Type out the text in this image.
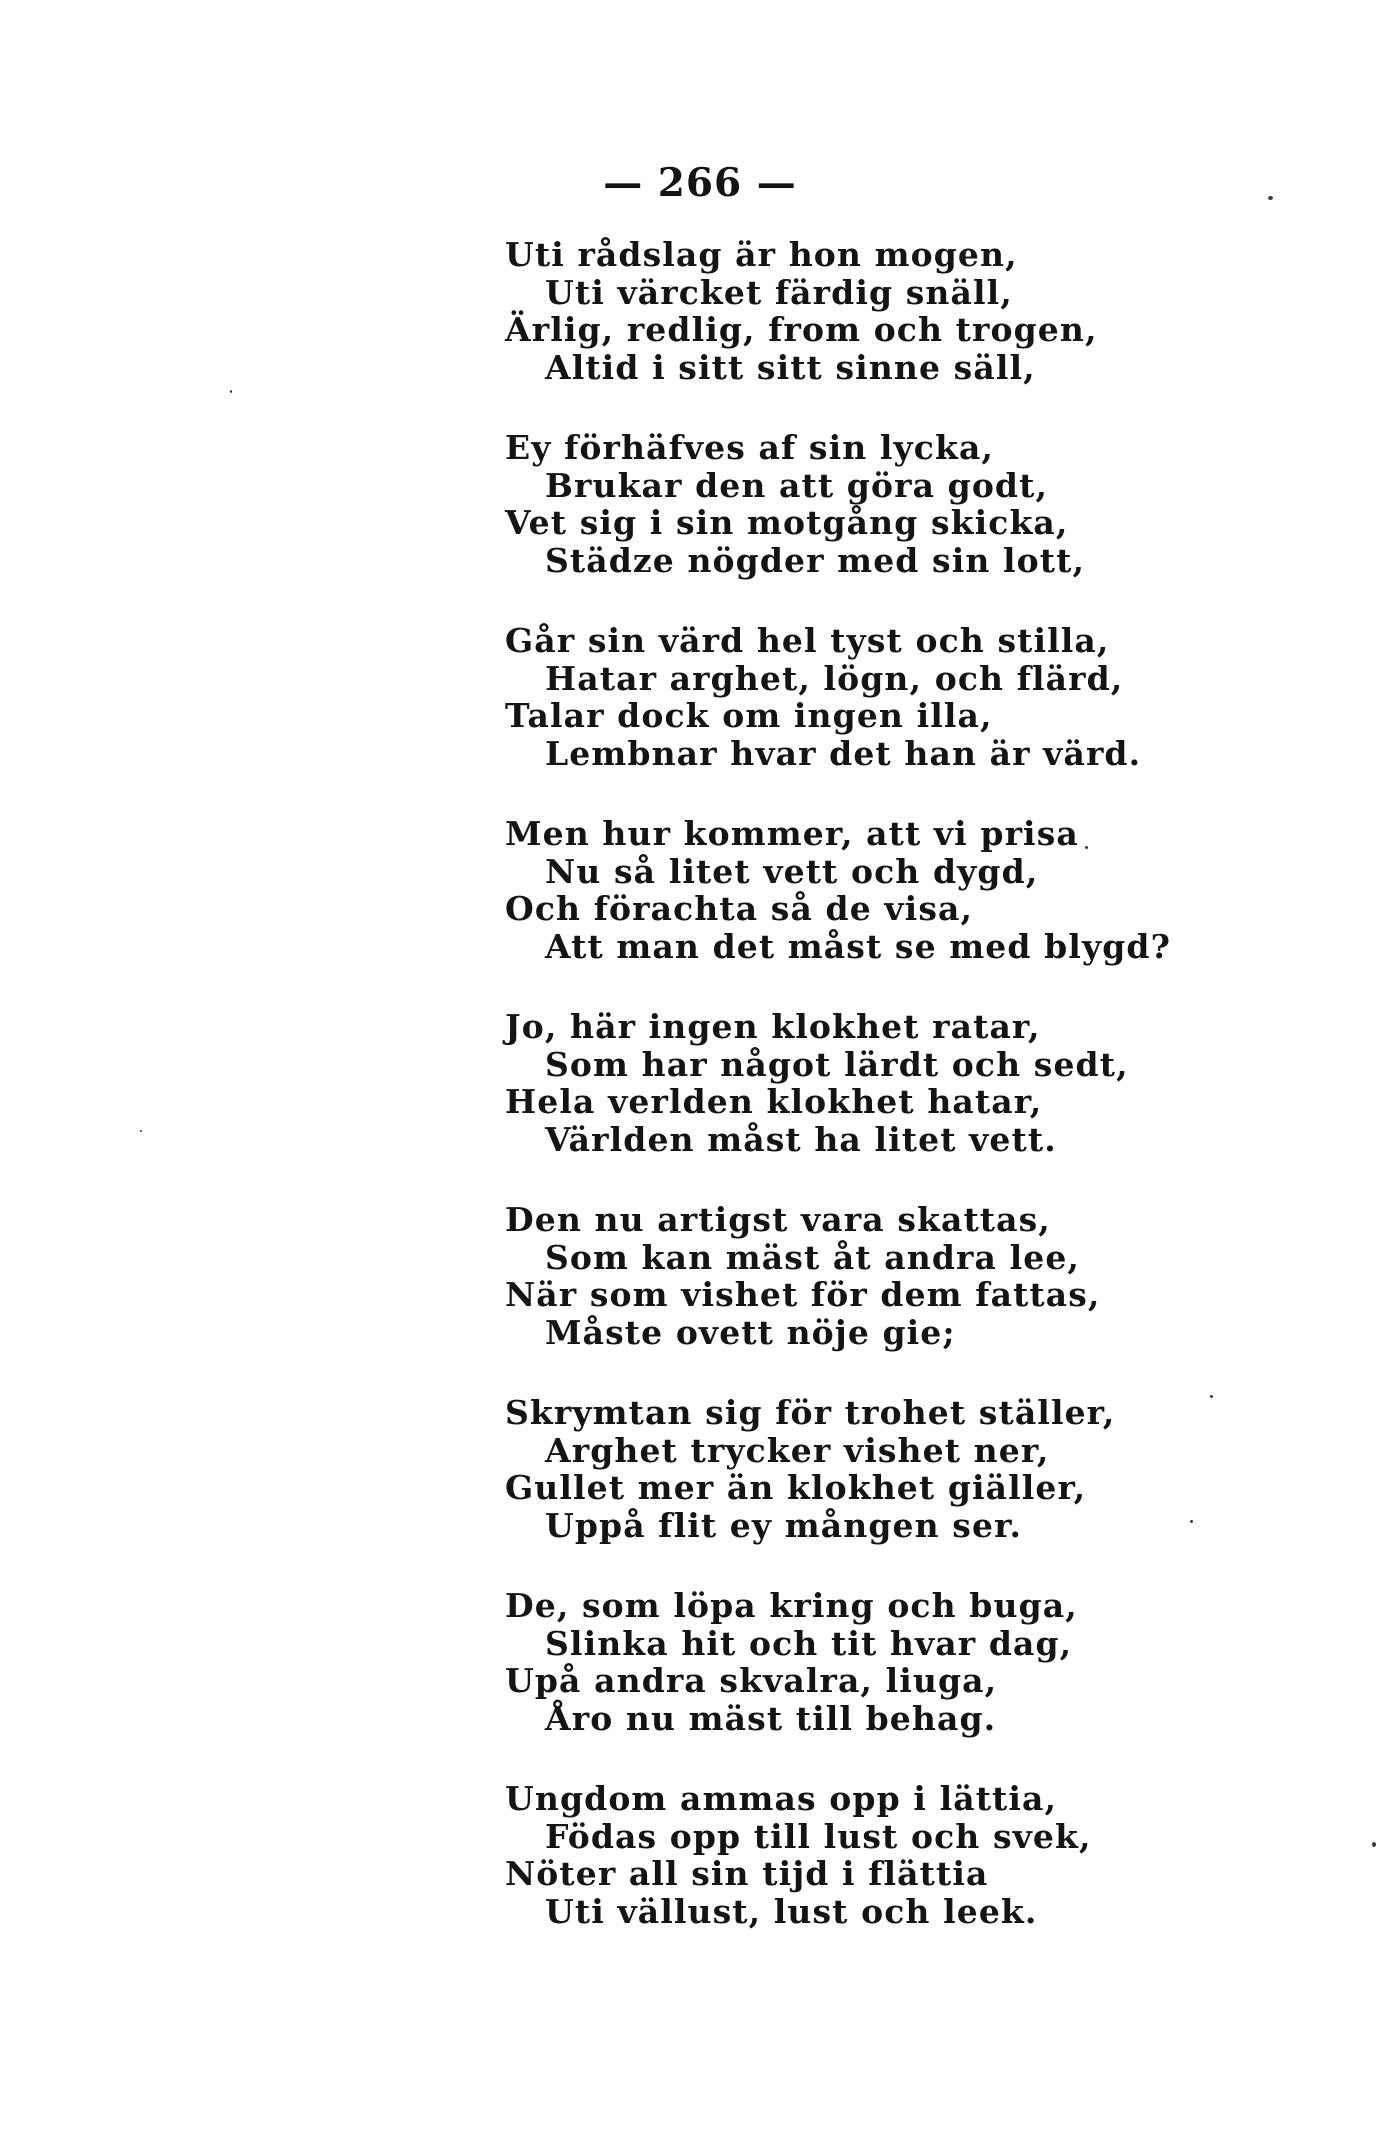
— 266 —
Uti rådslag är hon mogen,
Uti värcket färdig snäll,
Ärlig, redlig, from och trogen,
Altid i sitt sitt sinne säll,
Ey förhäfves af sin lycka,
Brukar den att göra godt,
Vet sig i sin motgång skicka,
Städze nögder med sin lott,
Går sin värd hel tyst och stilla,
Hatar arghet, lögn, och flärd,
Talar dock om ingen illa,
Lembnar hvar det han är värd.
Men hur kommer, att vi prisa
Nu så litet vett och dygd,
Och förachta så de visa,
Att man det måst se med blygd?
Jo, här ingen klokhet ratar,
Som har något lärdt och sedt,
Hela verlden klokhet hatar,
Världen måst ha litet vett.
Den nu artigst vara skattas,
Som kan mäst åt andra lee,
När som vishet för dem fattas,
Måste ovett nöje gie;
Skrymtan sig för trohet ställer,
Arghet trycker vishet ner,
Gullet mer än klokhet giäller,
Uppå flit ey mången ser.
De, som löpa kring och buga,
Slinka hit och tit hvar dag,
Upå andra skvalra, liuga,
Åro nu mäst till behag.
Ungdom ammas opp i lättia,
Födas opp till lust och svek,
Nöter all sin tijd i flättia
Uti vällust, lust och leek.
